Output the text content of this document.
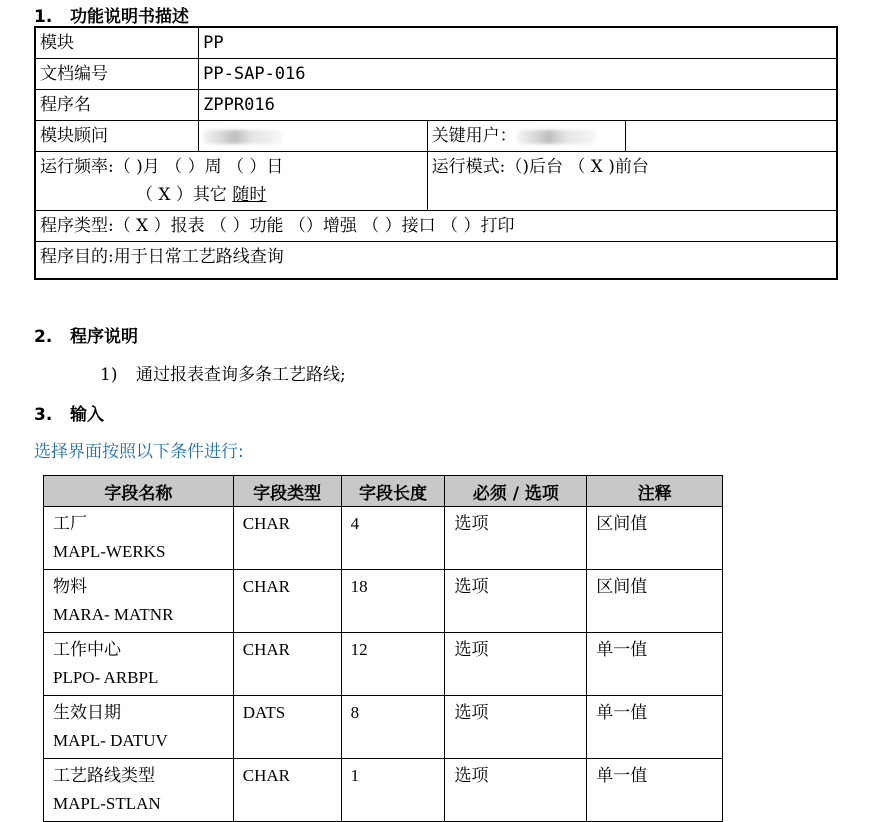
1. 功能说明书描述
模块	PP		
文档编号	PP-SAP-016		
程序名	ZPPR016		
模块顾问		关键用户：	

运行频率:（ )月 （ ）周 （ ）日
（ X ）其它 随时		运行模式:（)后台 （ X )前台	
程序类型:（ X ）报表 （ ）功能 （）增强 （ ）接口 （ ）打印			
程序目的:用于日常工艺路线查询			
2. 程序说明
1) 通过报表查询多条工艺路线;
3. 输入
选择界面按照以下条件进行:
字段名称	字段类型	字段长度	必须 / 选项	注释

工厂
MAPL-WERKS	CHAR	4	选项	区间值

物料
MARA- MATNR	CHAR	18	选项	区间值

工作中心
PLPO- ARBPL	CHAR	12	选项	单一值

生效日期
MAPL- DATUV	DATS	8	选项	单一值

工艺路线类型
MAPL-STLAN	CHAR	1	选项	单一值
